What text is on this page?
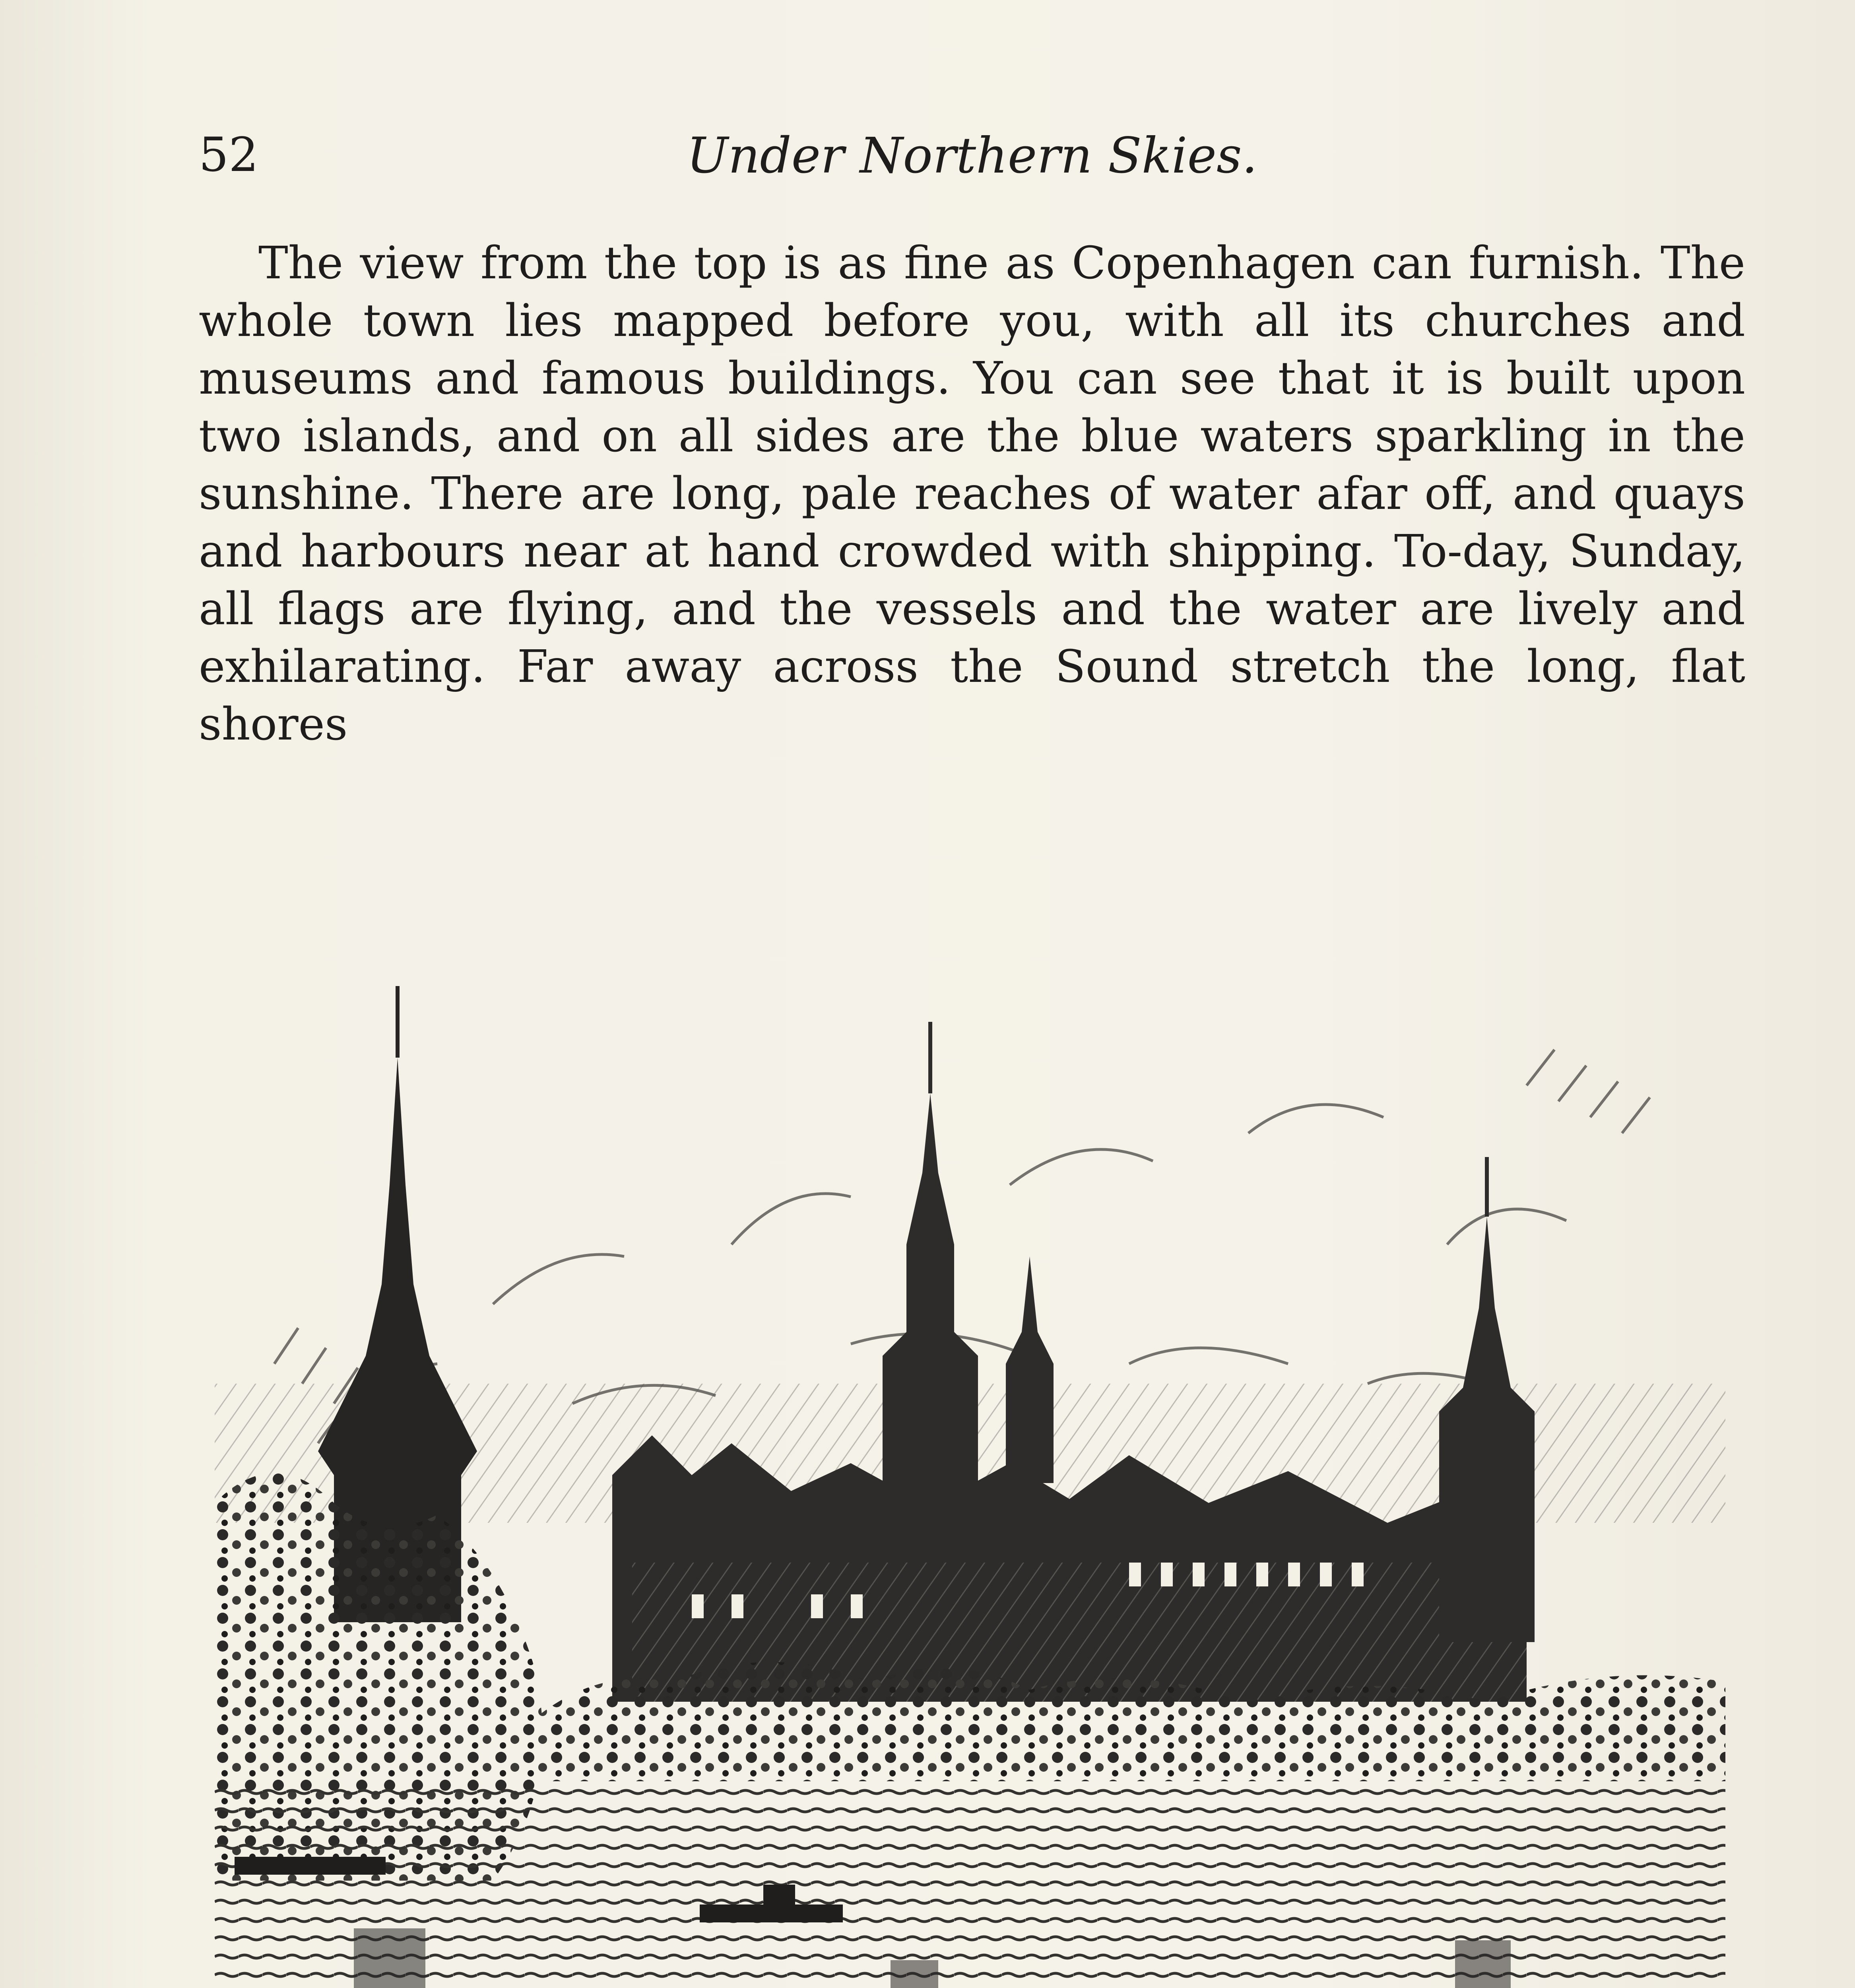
52	Under Northern Skies.

The view from the top is as fine as Copenhagen can furnish. The whole town lies mapped before you, with all its churches and museums and famous buildings. You can see that it is built upon two islands, and on all sides are the blue waters sparkling in the sunshine. There are long, pale reaches of water afar off, and quays and harbours near at hand crowded with shipping. To-day, Sunday, all flags are flying, and the vessels and the water are lively and exhilarating. Far away across the Sound stretch the long, flat shores
